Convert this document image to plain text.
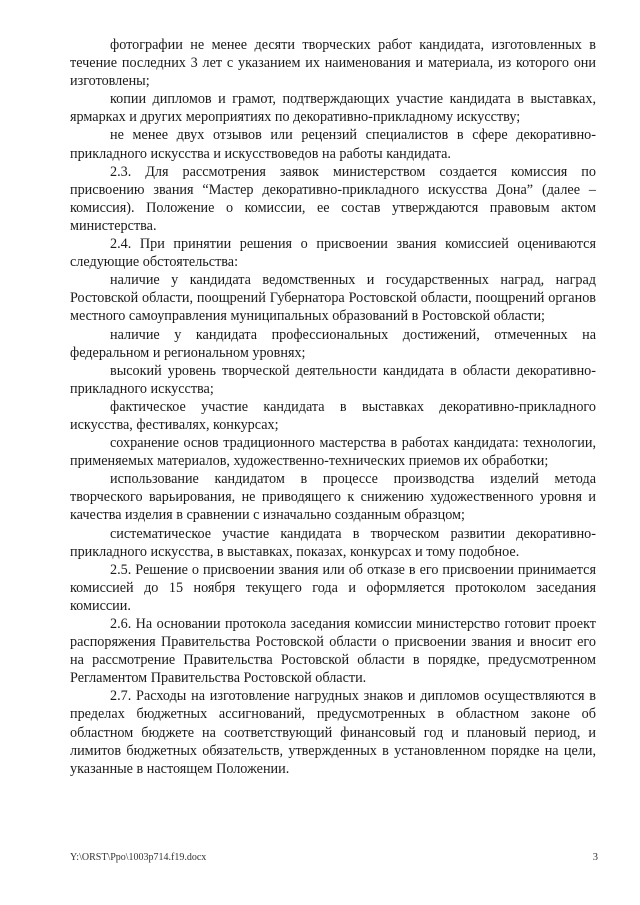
фотографии не менее десяти творческих работ кандидата, изготовленных в течение последних 3 лет с указанием их наименования и материала, из которого они изготовлены;

копии дипломов и грамот, подтверждающих участие кандидата в выставках, ярмарках и других мероприятиях по декоративно-прикладному искусству;

не менее двух отзывов или рецензий специалистов в сфере декоративно-прикладного искусства и искусствоведов на работы кандидата.

2.3. Для рассмотрения заявок министерством создается комиссия по присвоению звания “Мастер декоративно-прикладного искусства Дона” (далее – комиссия). Положение о комиссии, ее состав утверждаются правовым актом министерства.

2.4. При принятии решения о присвоении звания комиссией оцениваются следующие обстоятельства:

наличие у кандидата ведомственных и государственных наград, наград Ростовской области, поощрений Губернатора Ростовской области, поощрений органов местного самоуправления муниципальных образований в Ростовской области;

наличие у кандидата профессиональных достижений, отмеченных на федеральном и региональном уровнях;

высокий уровень творческой деятельности кандидата в области декоративно-прикладного искусства;

фактическое участие кандидата в выставках декоративно-прикладного искусства, фестивалях, конкурсах;

сохранение основ традиционного мастерства в работах кандидата: технологии, применяемых материалов, художественно-технических приемов их обработки;

использование кандидатом в процессе производства изделий метода творческого варьирования, не приводящего к снижению художественного уровня и качества изделия в сравнении с изначально созданным образцом;

систематическое участие кандидата в творческом развитии декоративно-прикладного искусства, в выставках, показах, конкурсах и тому подобное.

2.5. Решение о присвоении звания или об отказе в его присвоении принимается комиссией до 15 ноября текущего года и оформляется протоколом заседания комиссии.

2.6. На основании протокола заседания комиссии министерство готовит проект распоряжения Правительства Ростовской области о присвоении звания и вносит его на рассмотрение Правительства Ростовской области в порядке, предусмотренном Регламентом Правительства Ростовской области.

2.7. Расходы на изготовление нагрудных знаков и дипломов осуществляются в пределах бюджетных ассигнований, предусмотренных в областном законе об областном бюджете на соответствующий финансовый год и плановый период, и лимитов бюджетных обязательств, утвержденных в установленном порядке на цели, указанные в настоящем Положении.

Y:\ORST\Ppo\1003p714.f19.docx	3
